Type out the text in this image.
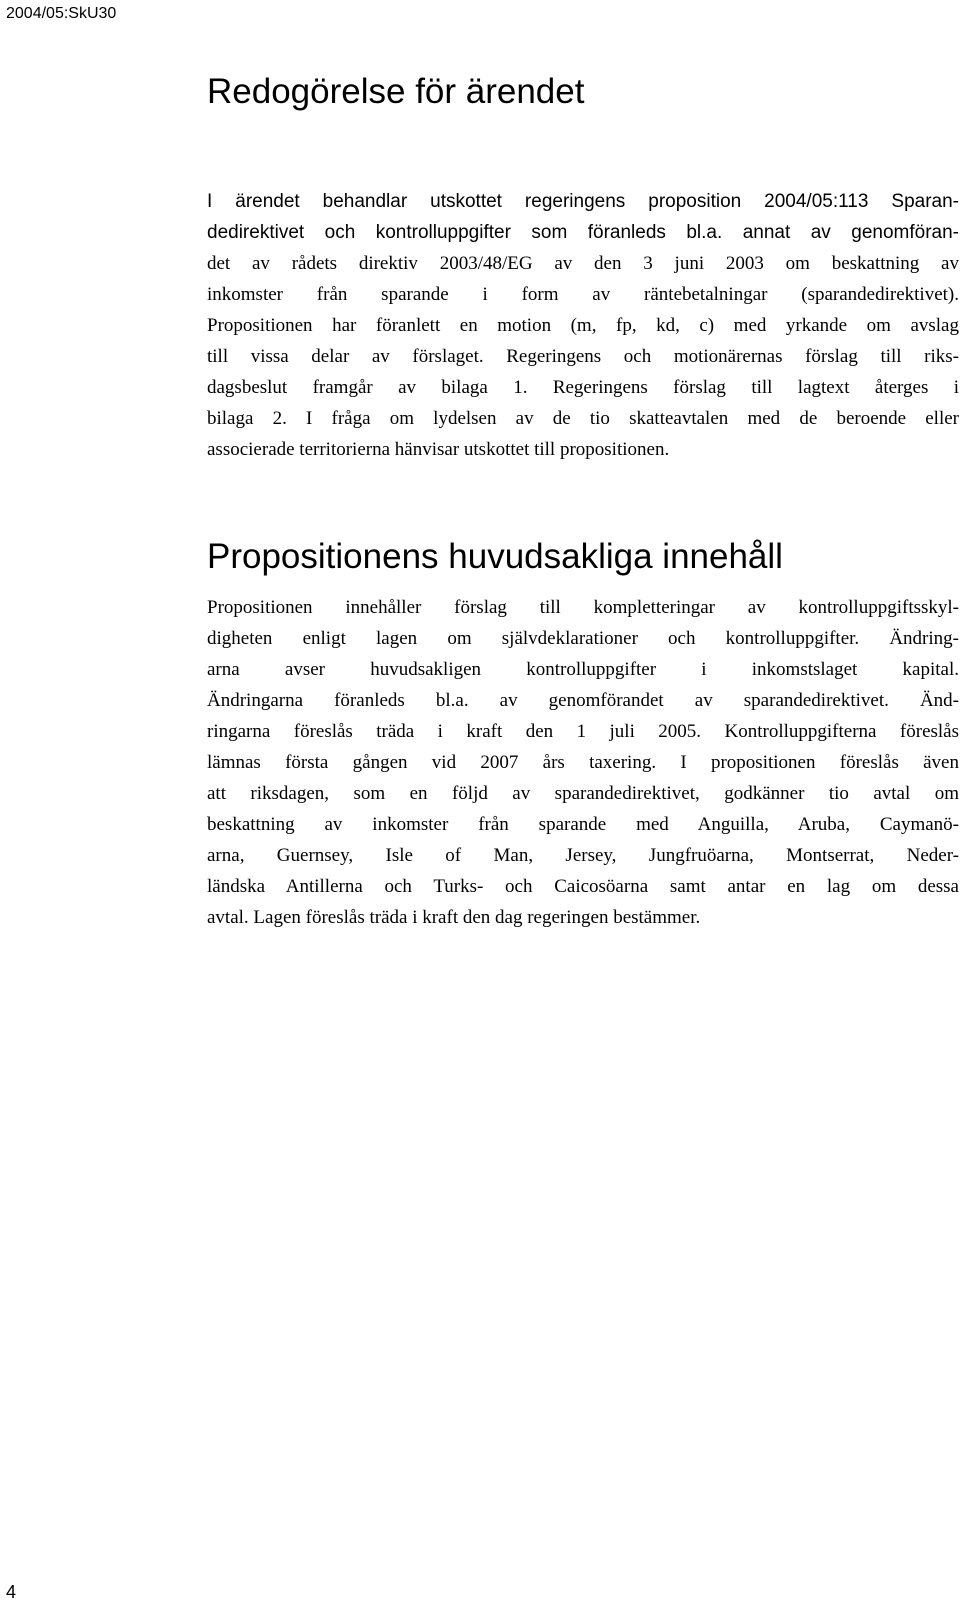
2004/05:SkU30
Redogörelse för ärendet
I ärendet behandlar utskottet regeringens proposition 2004/05:113 Sparan-
dedirektivet och kontrolluppgifter som föranleds bl.a. annat av genomföran-
det av rådets direktiv 2003/48/EG av den 3 juni 2003 om beskattning av
inkomster från sparande i form av räntebetalningar (sparandedirektivet).
Propositionen har föranlett en motion (m, fp, kd, c) med yrkande om avslag
till vissa delar av förslaget. Regeringens och motionärernas förslag till riks-
dagsbeslut framgår av bilaga 1. Regeringens förslag till lagtext återges i
bilaga 2. I fråga om lydelsen av de tio skatteavtalen med de beroende eller
associerade territorierna hänvisar utskottet till propositionen.
Propositionens huvudsakliga innehåll
Propositionen innehåller förslag till kompletteringar av kontrolluppgiftsskyl-
digheten enligt lagen om självdeklarationer och kontrolluppgifter. Ändring-
arna avser huvudsakligen kontrolluppgifter i inkomstslaget kapital.
Ändringarna föranleds bl.a. av genomförandet av sparandedirektivet. Änd-
ringarna föreslås träda i kraft den 1 juli 2005. Kontrolluppgifterna föreslås
lämnas första gången vid 2007 års taxering. I propositionen föreslås även
att riksdagen, som en följd av sparandedirektivet, godkänner tio avtal om
beskattning av inkomster från sparande med Anguilla, Aruba, Caymanö-
arna, Guernsey, Isle of Man, Jersey, Jungfruöarna, Montserrat, Neder-
ländska Antillerna och Turks- och Caicosöarna samt antar en lag om dessa
avtal. Lagen föreslås träda i kraft den dag regeringen bestämmer.
4
